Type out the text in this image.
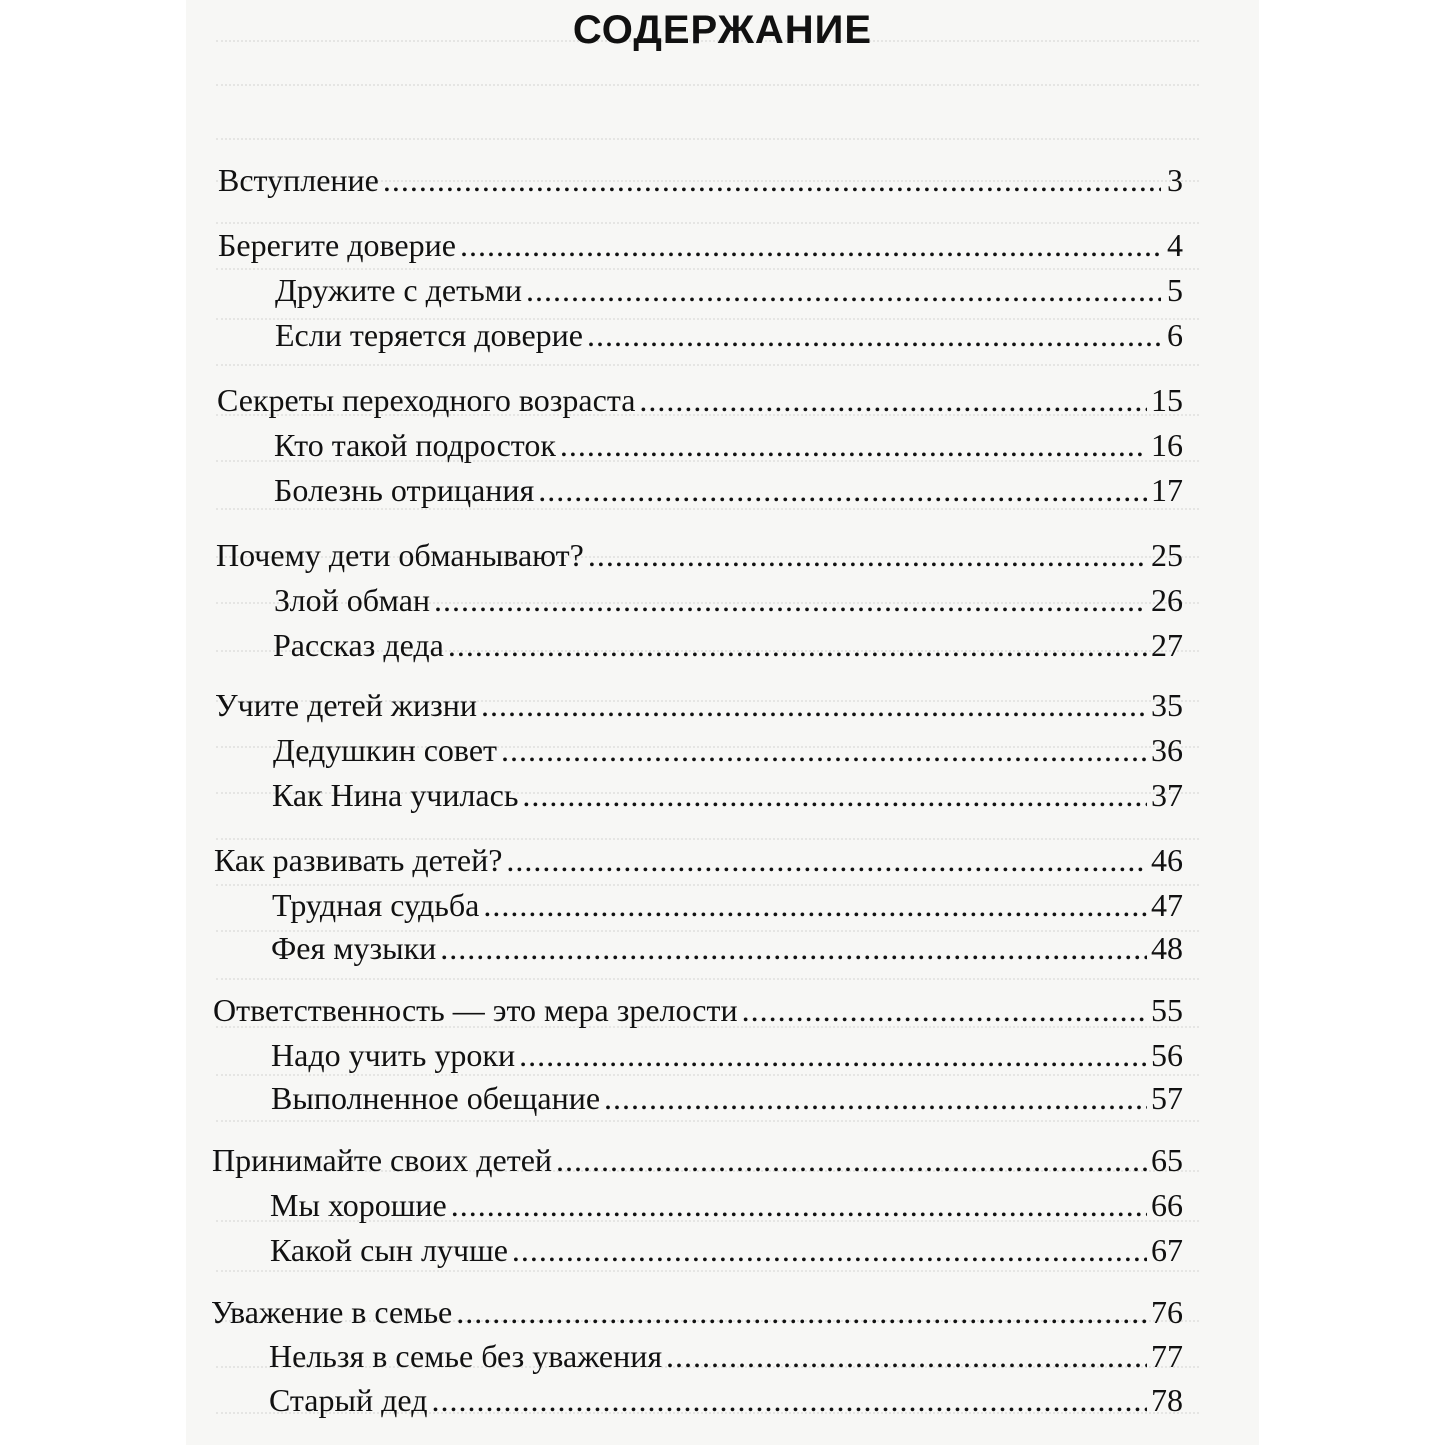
СОДЕРЖАНИЕ
Вступление .....	3
Берегите доверие .....	4
Дружите с детьми .....	5
Если теряется доверие .....	6
Секреты переходного возраста .....	15
Кто такой подросток .....	16
Болезнь отрицания .....	17
Почему дети обманывают? .....	25
Злой обман .....	26
Рассказ деда .....	27
Учите детей жизни .....	35
Дедушкин совет .....	36
Как Нина училась .....	37
Как развивать детей? .....	46
Трудная судьба .....	47
Фея музыки .....	48
Ответственность — это мера зрелости .....	55
Надо учить уроки .....	56
Выполненное обещание .....	57
Принимайте своих детей .....	65
Мы хорошие .....	66
Какой сын лучше .....	67
Уважение в семье .....	76
Нельзя в семье без уважения .....	77
Старый дед .....	78
